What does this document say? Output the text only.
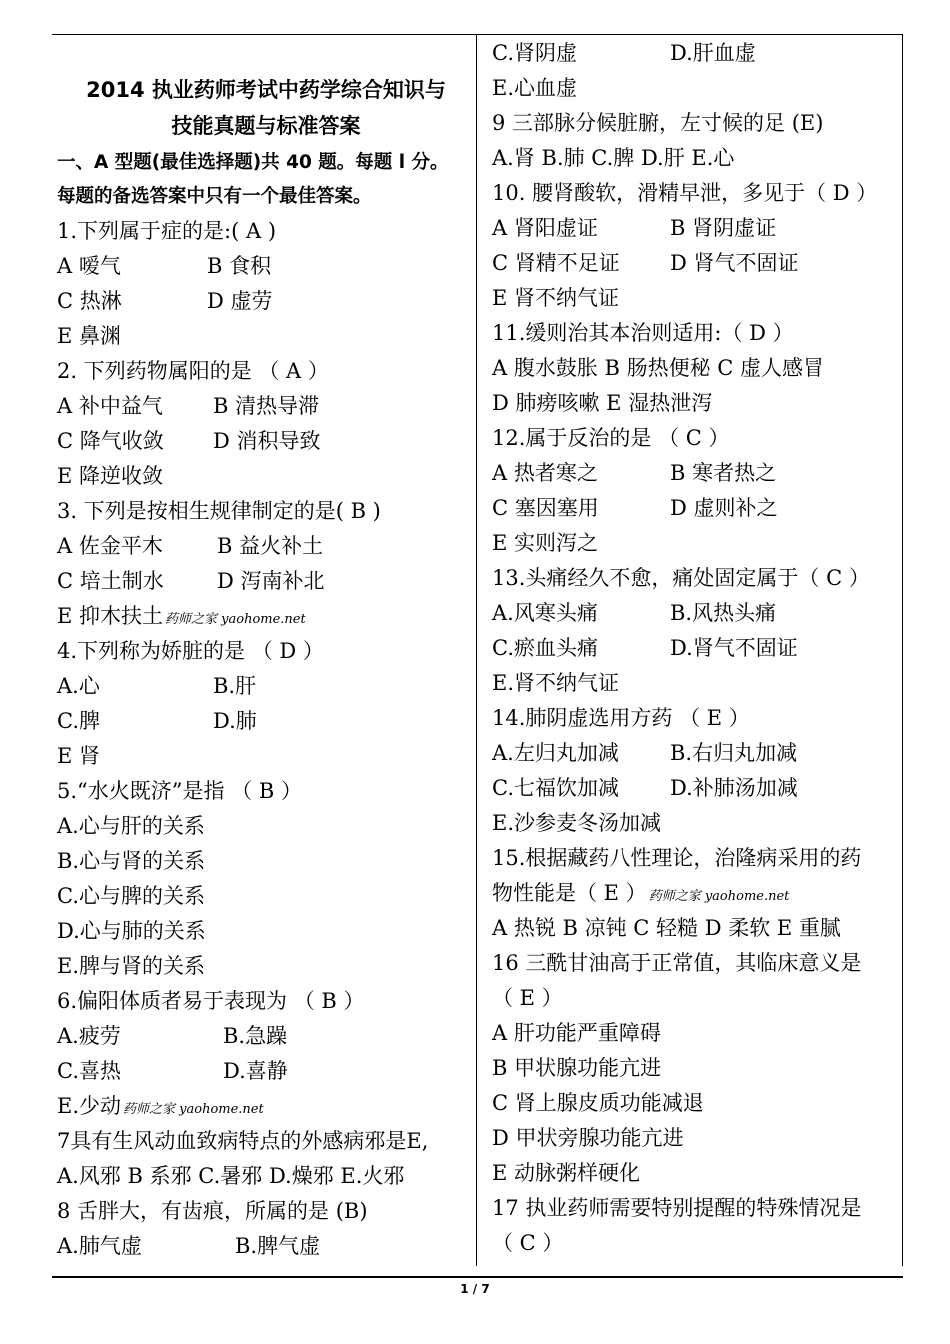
2014 执业药师考试中药学综合知识与
技能真题与标准答案
一、A 型题(最佳选择题)共 40 题。每题 l 分。
每题的备选答案中只有一个最佳答案。
1.下列属于症的是:( A )
A 嗳气	B 食积
C 热淋	D 虚劳
E 鼻渊
2. 下列药物属阳的是 （ A ）
A 补中益气 B 清热导滞
C 降气收敛 D 消积导致
E 降逆收敛
3. 下列是按相生规律制定的是( B )
A 佐金平木	B 益火补土
C 培土制水	D 泻南补北
E 抑木扶土 药师之家 yaohome.net
4.下列称为娇脏的是 （ D ）
A.心	B.肝
C.脾	D.肺
E 肾
5.“水火既济”是指 （ B ）
A.心与肝的关系
B.心与肾的关系
C.心与脾的关系
D.心与肺的关系
E.脾与肾的关系
6.偏阳体质者易于表现为 （ B ）
A.疲劳	B.急躁
C.喜热	D.喜静
E.少动 药师之家 yaohome.net
7具有生风动血致病特点的外感病邪是E,
A.风邪 B 系邪 C.暑邪 D.燥邪 E.火邪
8 舌胖大，有齿痕，所属的是 (B)
A.肺气虚	B.脾气虚
C.肾阴虚	D.肝血虚
E.心血虚
9 三部脉分候脏腑，左寸候的足 (E)
A.肾 B.肺 C.脾 D.肝 E.心
10. 腰肾酸软，滑精早泄，多见于（ D ）
A 肾阳虚证	B 肾阴虚证
C 肾精不足证 D 肾气不固证
E 肾不纳气证
11.缓则治其本治则适用:（ D ）
A 腹水鼓胀 B 肠热便秘 C 虚人感冒
D 肺痨咳嗽 E 湿热泄泻
12.属于反治的是 （ C ）
A 热者寒之	B 寒者热之
C 塞因塞用	D 虚则补之
E 实则泻之
13.头痛经久不愈，痛处固定属于（ C ）
A.风寒头痛	B.风热头痛
C.瘀血头痛	D.肾气不固证
E.肾不纳气证
14.肺阴虚选用方药 （ E ）
A.左归丸加减 B.右归丸加减
C.七福饮加减 D.补肺汤加减
E.沙参麦冬汤加减
15.根据藏药八性理论，治隆病采用的药
物性能是（ E ） 药师之家 yaohome.net
A 热锐 B 凉钝 C 轻糙 D 柔软 E 重腻
16 三酰甘油高于正常值，其临床意义是
（ E ）
A 肝功能严重障碍
B 甲状腺功能亢进
C 肾上腺皮质功能减退
D 甲状旁腺功能亢进
E 动脉粥样硬化
17 执业药师需要特别提醒的特殊情况是
（ C ）
1 / 7
